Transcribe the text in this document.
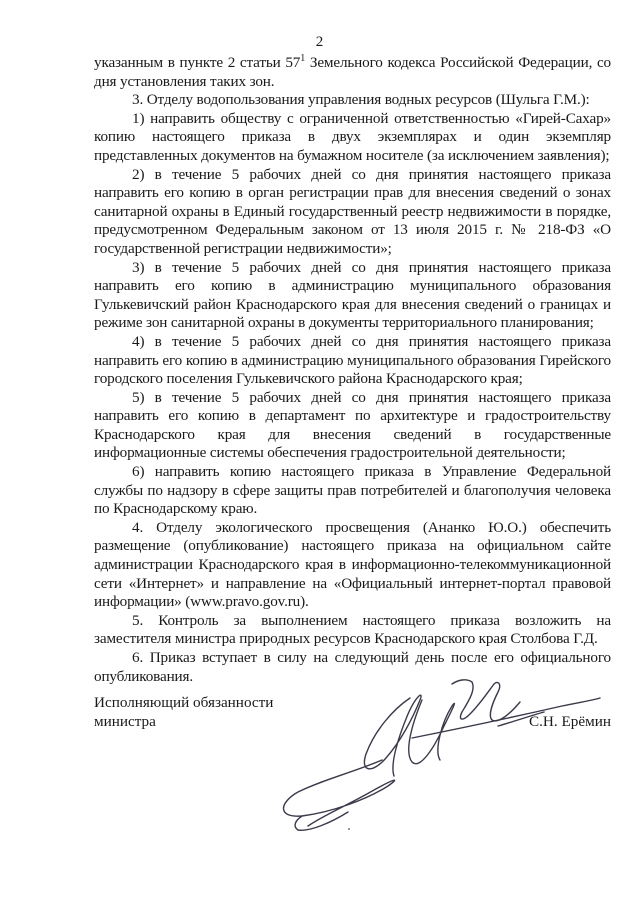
2

указанным в пункте 2 статьи $57^1$ Земельного кодекса Российской Федерации, со дня установления таких зон.

3. Отделу водопользования управления водных ресурсов (Шульга Г.М.):

1) направить обществу с ограниченной ответственностью «Гирей-Сахар» копию настоящего приказа в двух экземплярах и один экземпляр представленных документов на бумажном носителе (за исключением заявления);

2) в течение 5 рабочих дней со дня принятия настоящего приказа направить его копию в орган регистрации прав для внесения сведений о зонах санитарной охраны в Единый государственный реестр недвижимости в порядке, предусмотренном Федеральным законом от 13 июля 2015 г. № 218-ФЗ «О государственной регистрации недвижимости»;

3) в течение 5 рабочих дней со дня принятия настоящего приказа направить его копию в администрацию муниципального образования Гулькевичский район Краснодарского края для внесения сведений о границах и режиме зон санитарной охраны в документы территориального планирования;

4) в течение 5 рабочих дней со дня принятия настоящего приказа направить его копию в администрацию муниципального образования Гирейского городского поселения Гулькевичского района Краснодарского края;

5) в течение 5 рабочих дней со дня принятия настоящего приказа направить его копию в департамент по архитектуре и градостроительству Краснодарского края для внесения сведений в государственные информационные системы обеспечения градостроительной деятельности;

6) направить копию настоящего приказа в Управление Федеральной службы по надзору в сфере защиты прав потребителей и благополучия человека по Краснодарскому краю.

4. Отделу экологического просвещения (Ананко Ю.О.) обеспечить размещение (опубликование) настоящего приказа на официальном сайте администрации Краснодарского края в информационно-телекоммуникационной сети «Интернет» и направление на «Официальный интернет-портал правовой информации» (www.pravo.gov.ru).

5. Контроль за выполнением настоящего приказа возложить на заместителя министра природных ресурсов Краснодарского края Столбова Г.Д.

6. Приказ вступает в силу на следующий день после его официального опубликования.

Исполняющий обязанности
министра	С.Н. Ерёмин
